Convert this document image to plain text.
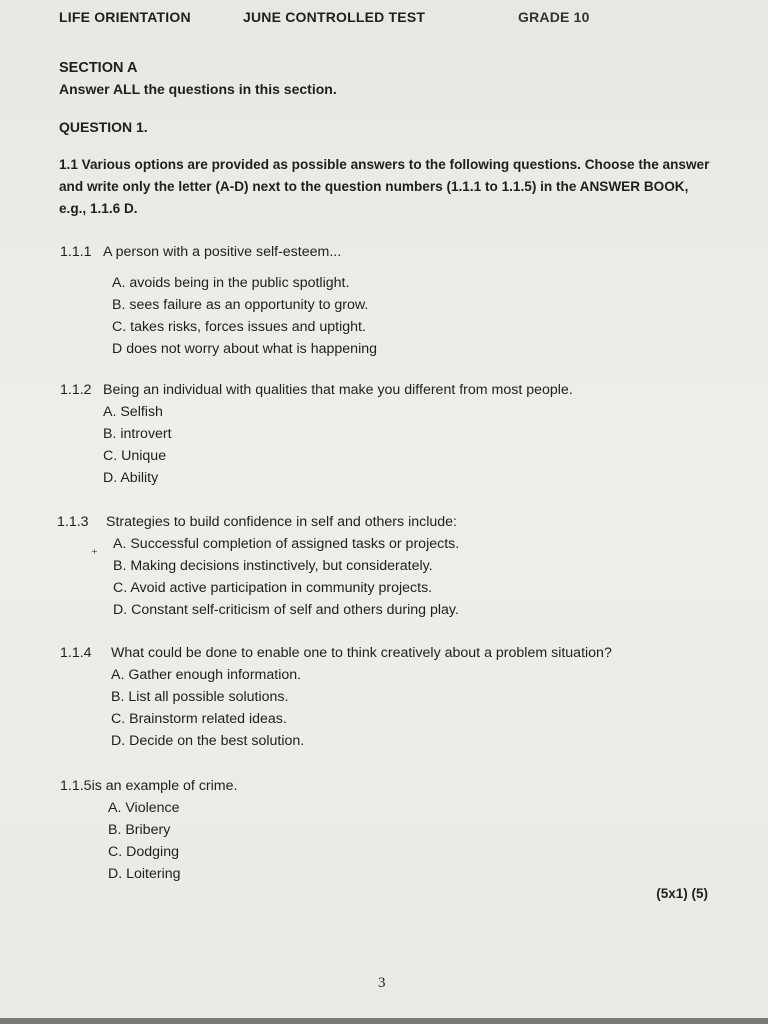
LIFE ORIENTATION	JUNE CONTROLLED TEST	GRADE 10
SECTION A
Answer ALL the questions in this section.
QUESTION 1.
1.1 Various options are provided as possible answers to the following questions. Choose the answer and write only the letter (A-D) next to the question numbers (1.1.1 to 1.1.5) in the ANSWER BOOK, e.g., 1.1.6 D.
1.1.1 A person with a positive self-esteem...
A. avoids being in the public spotlight.
B. sees failure as an opportunity to grow.
C. takes risks, forces issues and uptight.
D does not worry about what is happening
1.1.2 Being an individual with qualities that make you different from most people.
A. Selfish
B. introvert
C. Unique
D. Ability
1.1.3	Strategies to build confidence in self and others include:
A. Successful completion of assigned tasks or projects.
B. Making decisions instinctively, but considerately.
C. Avoid active participation in community projects.
D. Constant self-criticism of self and others during play.
⁺
1.1.4	What could be done to enable one to think creatively about a problem situation?
A. Gather enough information.
B. List all possible solutions.
C. Brainstorm related ideas.
D. Decide on the best solution.
1.1.5 is an example of crime.
A. Violence
B. Bribery
C. Dodging
D. Loitering
(5x1) (5)
3
